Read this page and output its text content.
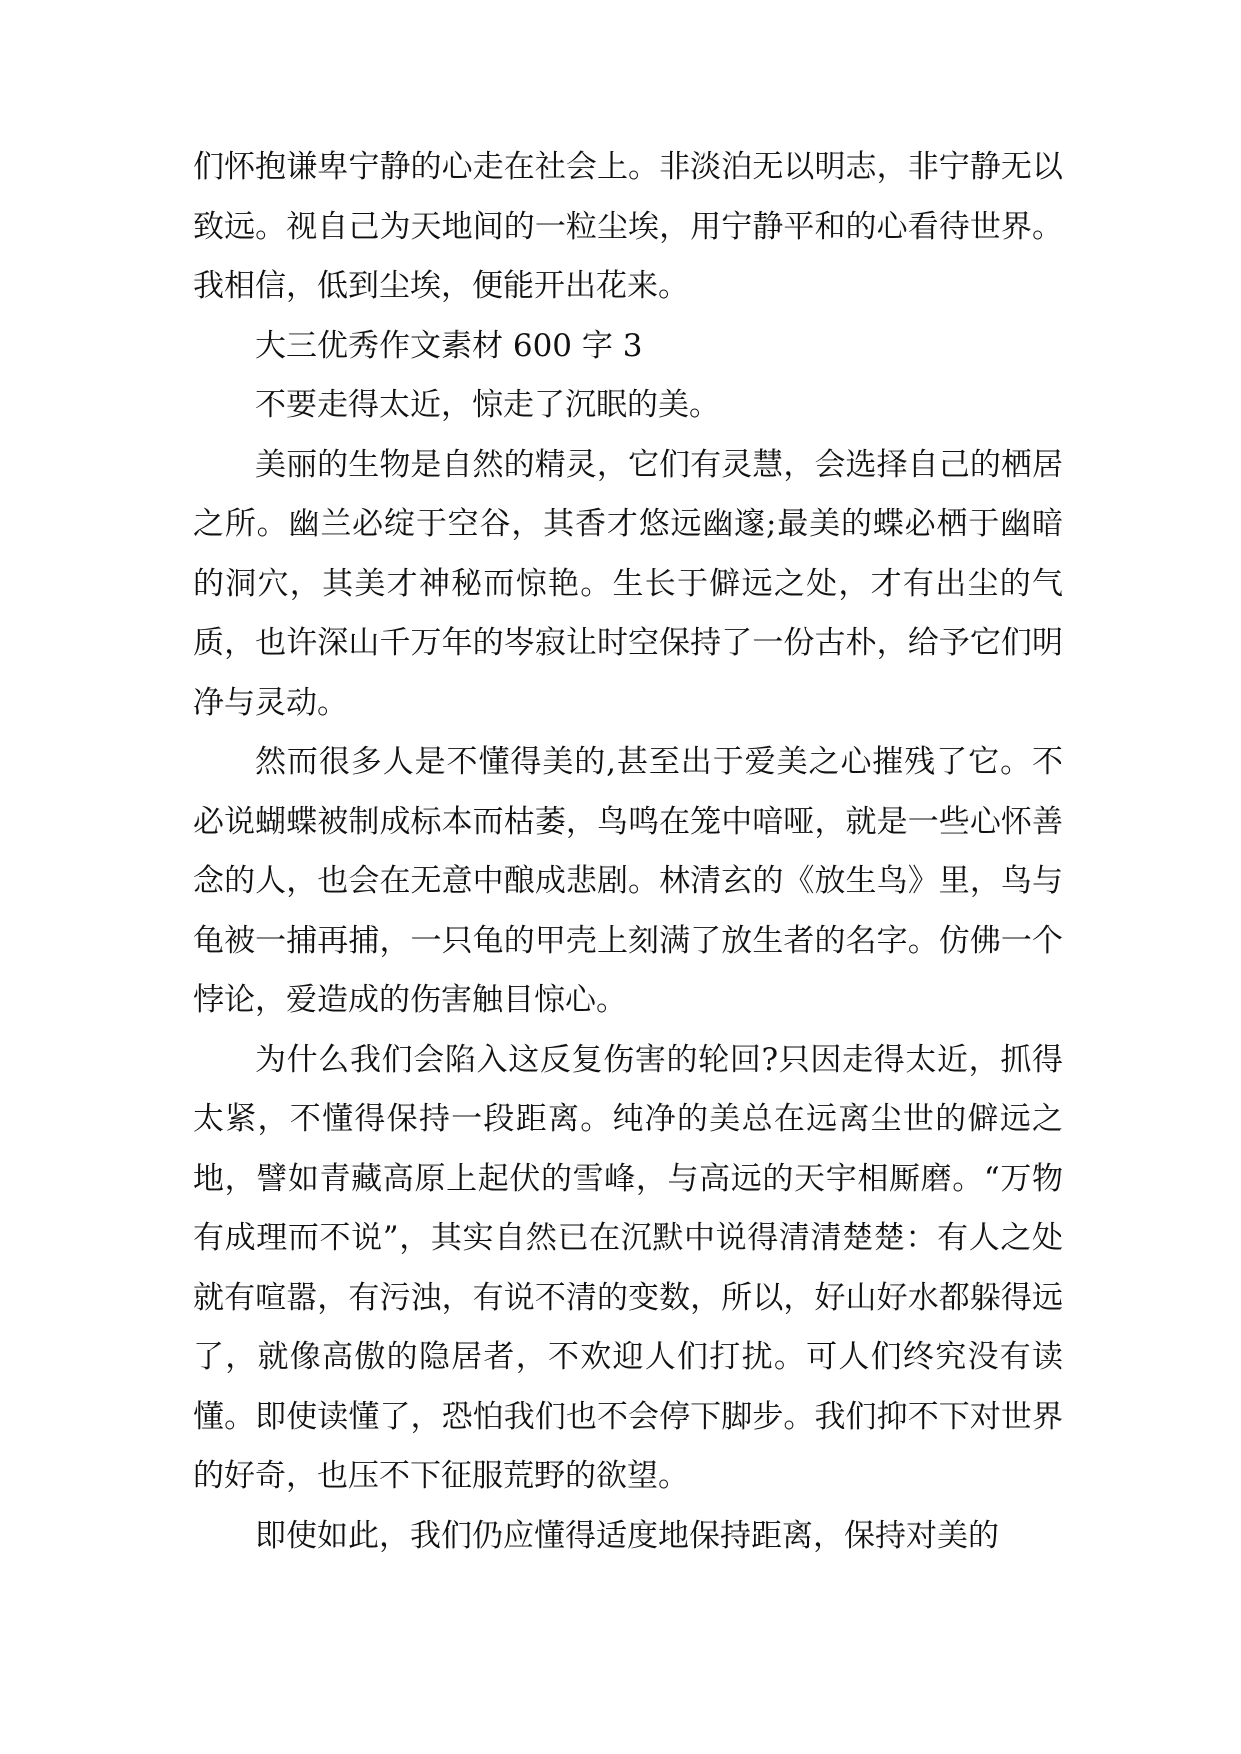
们怀抱谦卑宁静的心走在社会上。非淡泊无以明志，非宁静无以致远。视自己为天地间的一粒尘埃，用宁静平和的心看待世界。我相信，低到尘埃，便能开出花来。

大三优秀作文素材 600 字 3

不要走得太近，惊走了沉眠的美。

美丽的生物是自然的精灵，它们有灵慧，会选择自己的栖居之所。幽兰必绽于空谷，其香才悠远幽邃;最美的蝶必栖于幽暗的洞穴，其美才神秘而惊艳。生长于僻远之处，才有出尘的气质，也许深山千万年的岑寂让时空保持了一份古朴，给予它们明净与灵动。

然而很多人是不懂得美的,甚至出于爱美之心摧残了它。不必说蝴蝶被制成标本而枯萎，鸟鸣在笼中喑哑，就是一些心怀善念的人，也会在无意中酿成悲剧。林清玄的《放生鸟》里，鸟与龟被一捕再捕，一只龟的甲壳上刻满了放生者的名字。仿佛一个悖论，爱造成的伤害触目惊心。

为什么我们会陷入这反复伤害的轮回?只因走得太近，抓得太紧，不懂得保持一段距离。纯净的美总在远离尘世的僻远之地，譬如青藏高原上起伏的雪峰，与高远的天宇相厮磨。“万物有成理而不说”，其实自然已在沉默中说得清清楚楚：有人之处就有喧嚣，有污浊，有说不清的变数，所以，好山好水都躲得远了，就像高傲的隐居者，不欢迎人们打扰。可人们终究没有读懂。即使读懂了，恐怕我们也不会停下脚步。我们抑不下对世界的好奇，也压不下征服荒野的欲望。

即使如此，我们仍应懂得适度地保持距离，保持对美的
